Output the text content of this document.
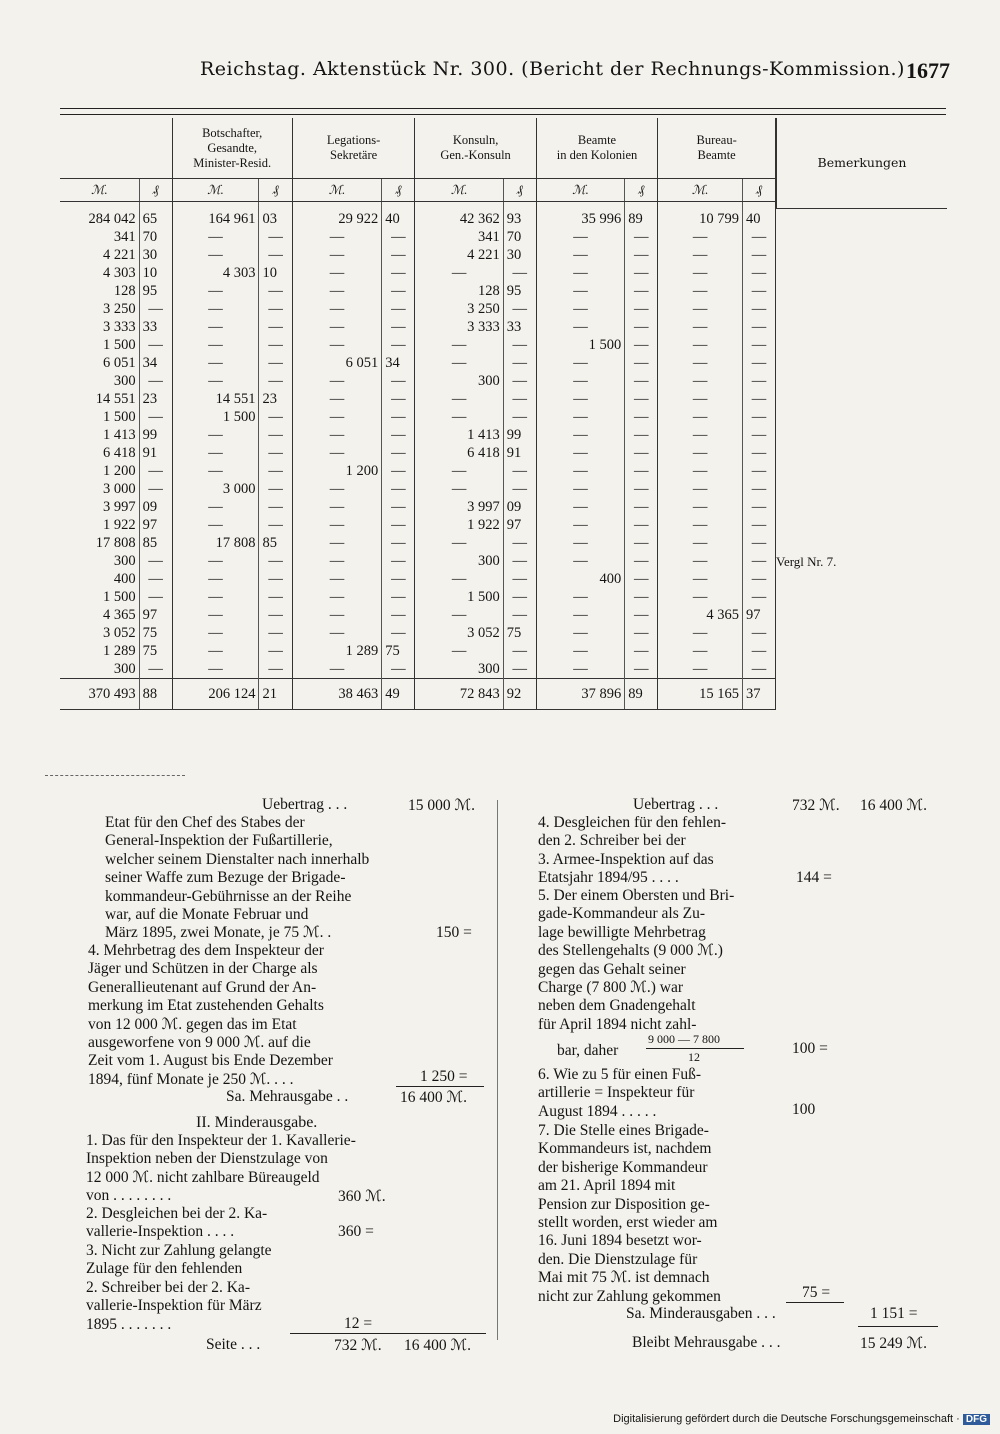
Reichstag. Aktenstück Nr. 300. (Bericht der Rechnungs-Kommission.) 1677
		Botschafter,
Gesandte,
Minister-Resid.		Legations-
Sekretäre		Konsuln,
Gen.-Konsuln		Beamte
in den Kolonien		Bureau-
Beamte	
ℳ.	₰	ℳ.	₰	ℳ.	₰	ℳ.	₰	ℳ.	₰	ℳ.	₰

284 042	65	164 961	03	29 922	40	42 362	93	35 996	89	10 799	40
341	70	—	—	—	—	341	70	—	—	—	—
4 221	30	—	—	—	—	4 221	30	—	—	—	—
4 303	10	4 303	10	—	—	—	—	—	—	—	—
128	95	—	—	—	—	128	95	—	—	—	—
3 250	—	—	—	—	—	3 250	—	—	—	—	—
3 333	33	—	—	—	—	3 333	33	—	—	—	—
1 500	—	—	—	—	—	—	—	1 500	—	—	—
6 051	34	—	—	6 051	34	—	—	—	—	—	—
300	—	—	—	—	—	300	—	—	—	—	—
14 551	23	14 551	23	—	—	—	—	—	—	—	—
1 500	—	1 500	—	—	—	—	—	—	—	—	—
1 413	99	—	—	—	—	1 413	99	—	—	—	—
6 418	91	—	—	—	—	6 418	91	—	—	—	—
1 200	—	—	—	1 200	—	—	—	—	—	—	—
3 000	—	3 000	—	—	—	—	—	—	—	—	—
3 997	09	—	—	—	—	3 997	09	—	—	—	—
1 922	97	—	—	—	—	1 922	97	—	—	—	—
17 808	85	17 808	85	—	—	—	—	—	—	—	—
300	—	—	—	—	—	300	—	—	—	—	—
400	—	—	—	—	—	—	—	400	—	—	—
1 500	—	—	—	—	—	1 500	—	—	—	—	—
4 365	97	—	—	—	—	—	—	—	—	4 365	97
3 052	75	—	—	—	—	3 052	75	—	—	—	—
1 289	75	—	—	1 289	75	—	—	—	—	—	—
300	—	—	—	—	—	300	—	—	—	—	—
370 493	88	206 124	21	38 463	49	72 843	92	37 896	89	15 165	37
Bemerkungen
Vergl Nr. 7.
Uebertrag . . .	15 000 ℳ.
Etat für den Chef des Stabes der
General-Inspektion der Fußartillerie,
welcher seinem Dienstalter nach innerhalb
seiner Waffe zum Bezuge der Brigade-
kommandeur-Gebührnisse an der Reihe
war, auf die Monate Februar und
März 1895, zwei Monate, je 75 ℳ. .	150 =
4. Mehrbetrag des dem Inspekteur der
Jäger und Schützen in der Charge als
Generallieutenant auf Grund der An-
merkung im Etat zustehenden Gehalts
von 12 000 ℳ. gegen das im Etat
ausgeworfene von 9 000 ℳ. auf die
Zeit vom 1. August bis Ende Dezember
1894, fünf Monate je 250 ℳ. . . .	1 250 =
Sa. Mehrausgabe . .	16 400 ℳ.
II. Minderausgabe.
1. Das für den Inspekteur der 1. Kavallerie-
Inspektion neben der Dienstzulage von
12 000 ℳ. nicht zahlbare Büreaugeld
von . . . . . . . .	360 ℳ.
2. Desgleichen bei der 2. Ka-
vallerie-Inspektion . . . .	360 =
3. Nicht zur Zahlung gelangte
Zulage für den fehlenden
2. Schreiber bei der 2. Ka-
vallerie-Inspektion für März
1895 . . . . . . .	12 =
Seite . . .	732 ℳ. 16 400 ℳ.
Uebertrag . . .	732 ℳ. 16 400 ℳ.
4. Desgleichen für den fehlen-
den 2. Schreiber bei der
3. Armee-Inspektion auf das
Etatsjahr 1894/95 . . . .	144 =
5. Der einem Obersten und Bri-
gade-Kommandeur als Zu-
lage bewilligte Mehrbetrag
des Stellengehalts (9 000 ℳ.)
gegen das Gehalt seiner
Charge (7 800 ℳ.) war
neben dem Gnadengehalt
für April 1894 nicht zahl-
bar, daher
9 000 — 7 800
12	100 =
6. Wie zu 5 für einen Fuß-
artillerie = Inspekteur für
August 1894 . . . . .	100
7. Die Stelle eines Brigade-
Kommandeurs ist, nachdem
der bisherige Kommandeur
am 21. April 1894 mit
Pension zur Disposition ge-
stellt worden, erst wieder am
16. Juni 1894 besetzt wor-
den. Die Dienstzulage für
Mai mit 75 ℳ. ist demnach
nicht zur Zahlung gekommen	75 =
Sa. Minderausgaben . . .	1 151 =
Bleibt Mehrausgabe . . .	15 249 ℳ.
Digitalisierung gefördert durch die Deutsche Forschungsgemeinschaft · DFG
